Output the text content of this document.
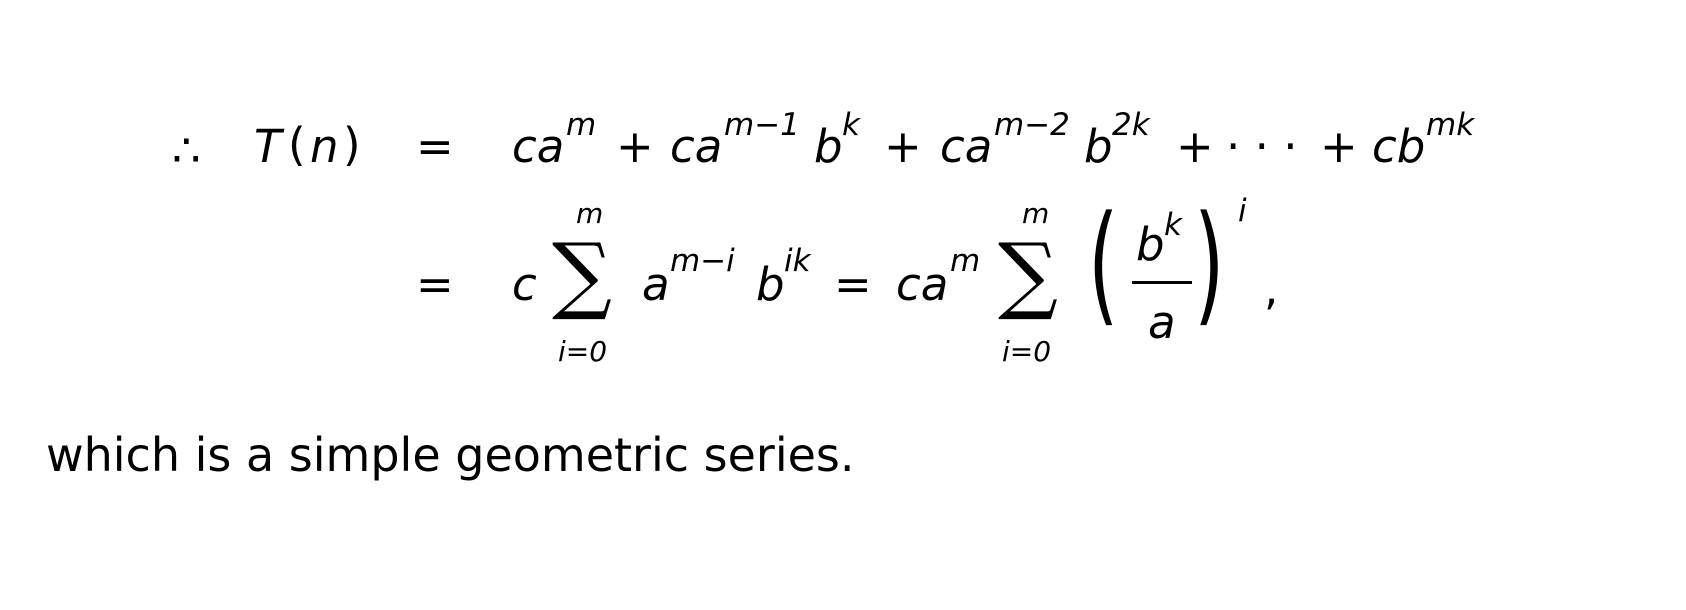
∴ T ( n ) = ca m + ca m−1 b k + ca m−2 b 2k + · · · + cb mk
= c
m
∑
i=0
a m−i b ik = ca m
m
∑
i=0
( b k
a ) i
,
which is a simple geometric series.
